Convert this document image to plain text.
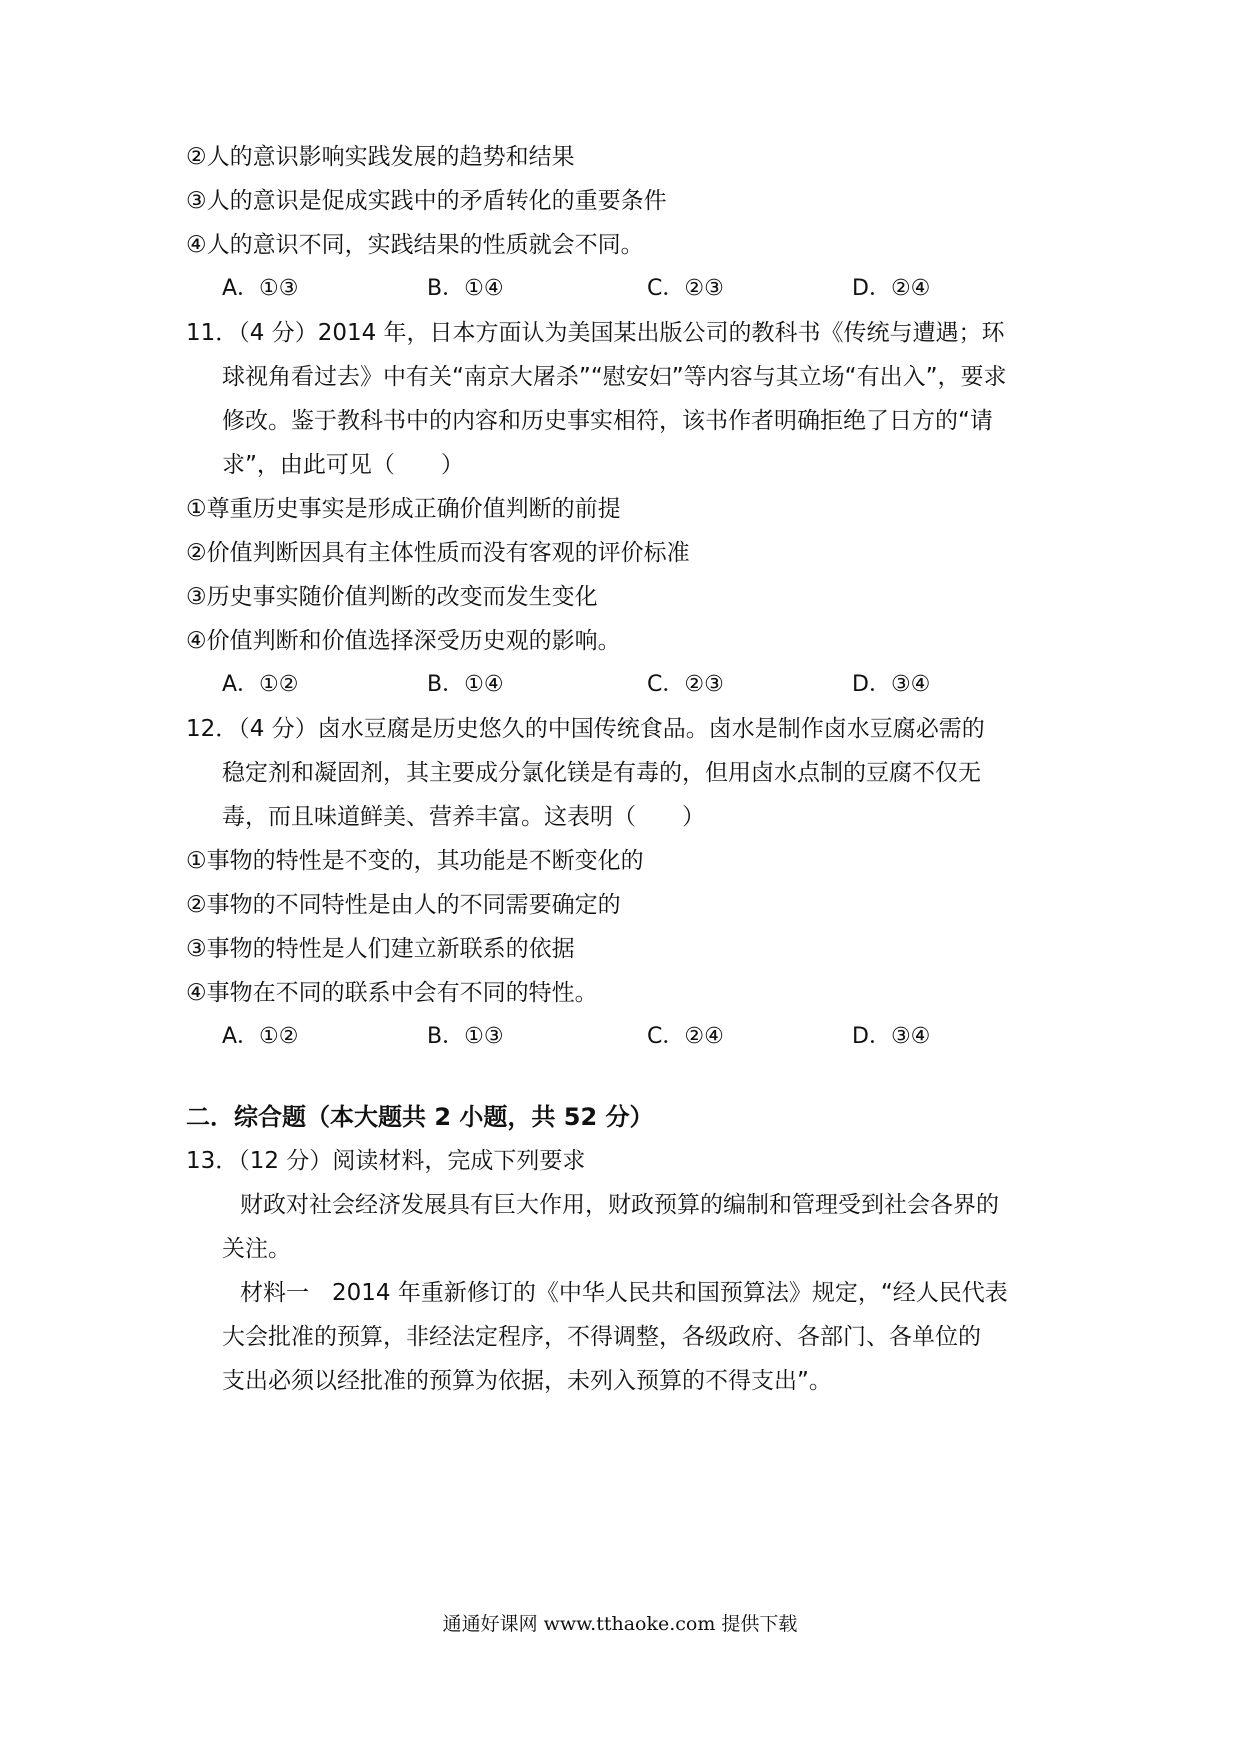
②人的意识影响实践发展的趋势和结果
③人的意识是促成实践中的矛盾转化的重要条件
④人的意识不同，实践结果的性质就会不同。
A．①③	B．①④	C．②③	D．②④
11．（4 分）2014 年，日本方面认为美国某出版公司的教科书《传统与遭遇；环
球视角看过去》中有关“南京大屠杀”“慰安妇”等内容与其立场“有出入”，要求
修改。鉴于教科书中的内容和历史事实相符，该书作者明确拒绝了日方的“请
求”，由此可见（　　）
①尊重历史事实是形成正确价值判断的前提
②价值判断因具有主体性质而没有客观的评价标准
③历史事实随价值判断的改变而发生变化
④价值判断和价值选择深受历史观的影响。
A．①②	B．①④	C．②③	D．③④
12．（4 分）卤水豆腐是历史悠久的中国传统食品。卤水是制作卤水豆腐必需的
稳定剂和凝固剂，其主要成分氯化镁是有毒的，但用卤水点制的豆腐不仅无
毒，而且味道鲜美、营养丰富。这表明（　　）
①事物的特性是不变的，其功能是不断变化的
②事物的不同特性是由人的不同需要确定的
③事物的特性是人们建立新联系的依据
④事物在不同的联系中会有不同的特性。
A．①②	B．①③	C．②④	D．③④
二．综合题（本大题共 2 小题，共 52 分）
13．（12 分）阅读材料，完成下列要求
财政对社会经济发展具有巨大作用，财政预算的编制和管理受到社会各界的
关注。
材料一　2014 年重新修订的《中华人民共和国预算法》规定，“经人民代表
大会批准的预算，非经法定程序，不得调整，各级政府、各部门、各单位的
支出必须以经批准的预算为依据，未列入预算的不得支出”。
通通好课网 www.tthaoke.com 提供下载
